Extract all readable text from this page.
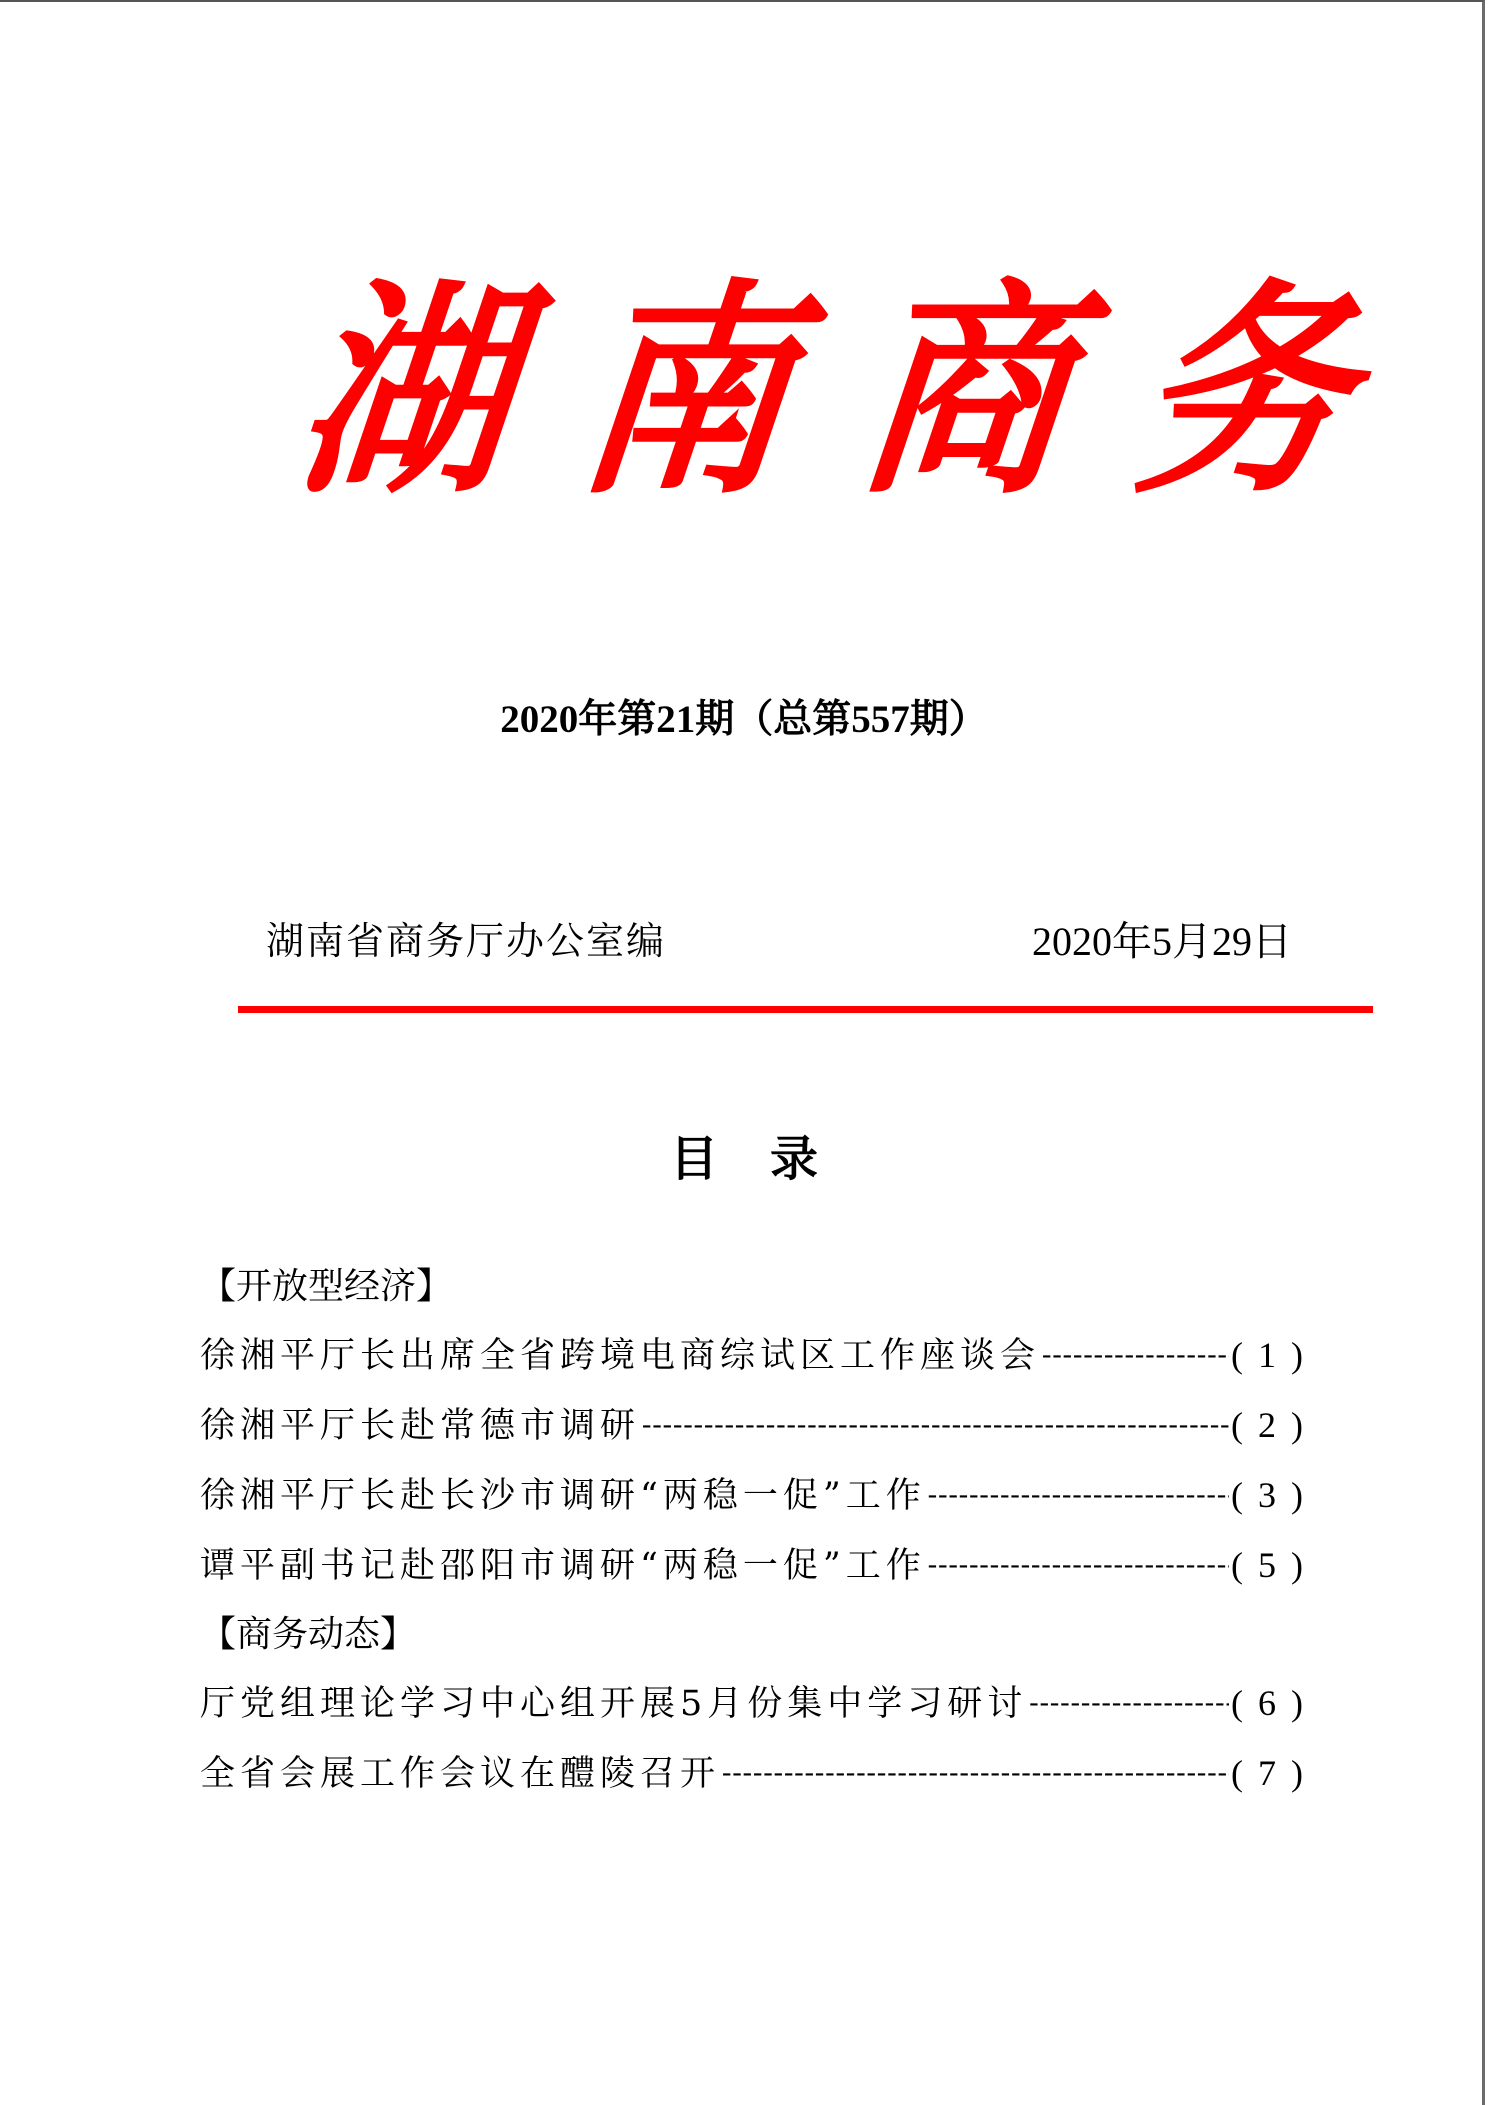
湖 南 商 务
2020年第21期（总第557期）
湖南省商务厅办公室编	2020年5月29日
目 录
【开放型经济】
徐湘平厅长出席全省跨境电商综试区工作座谈会 -----	( 1 )
徐湘平厅长赴常德市调研 -----	( 2 )
徐湘平厅长赴长沙市调研“两稳一促”工作 -----	( 3 )
谭平副书记赴邵阳市调研“两稳一促”工作 -----	( 5 )
【商务动态】
厅党组理论学习中心组开展5月份集中学习研讨 -----	( 6 )
全省会展工作会议在醴陵召开 -----	( 7 )
